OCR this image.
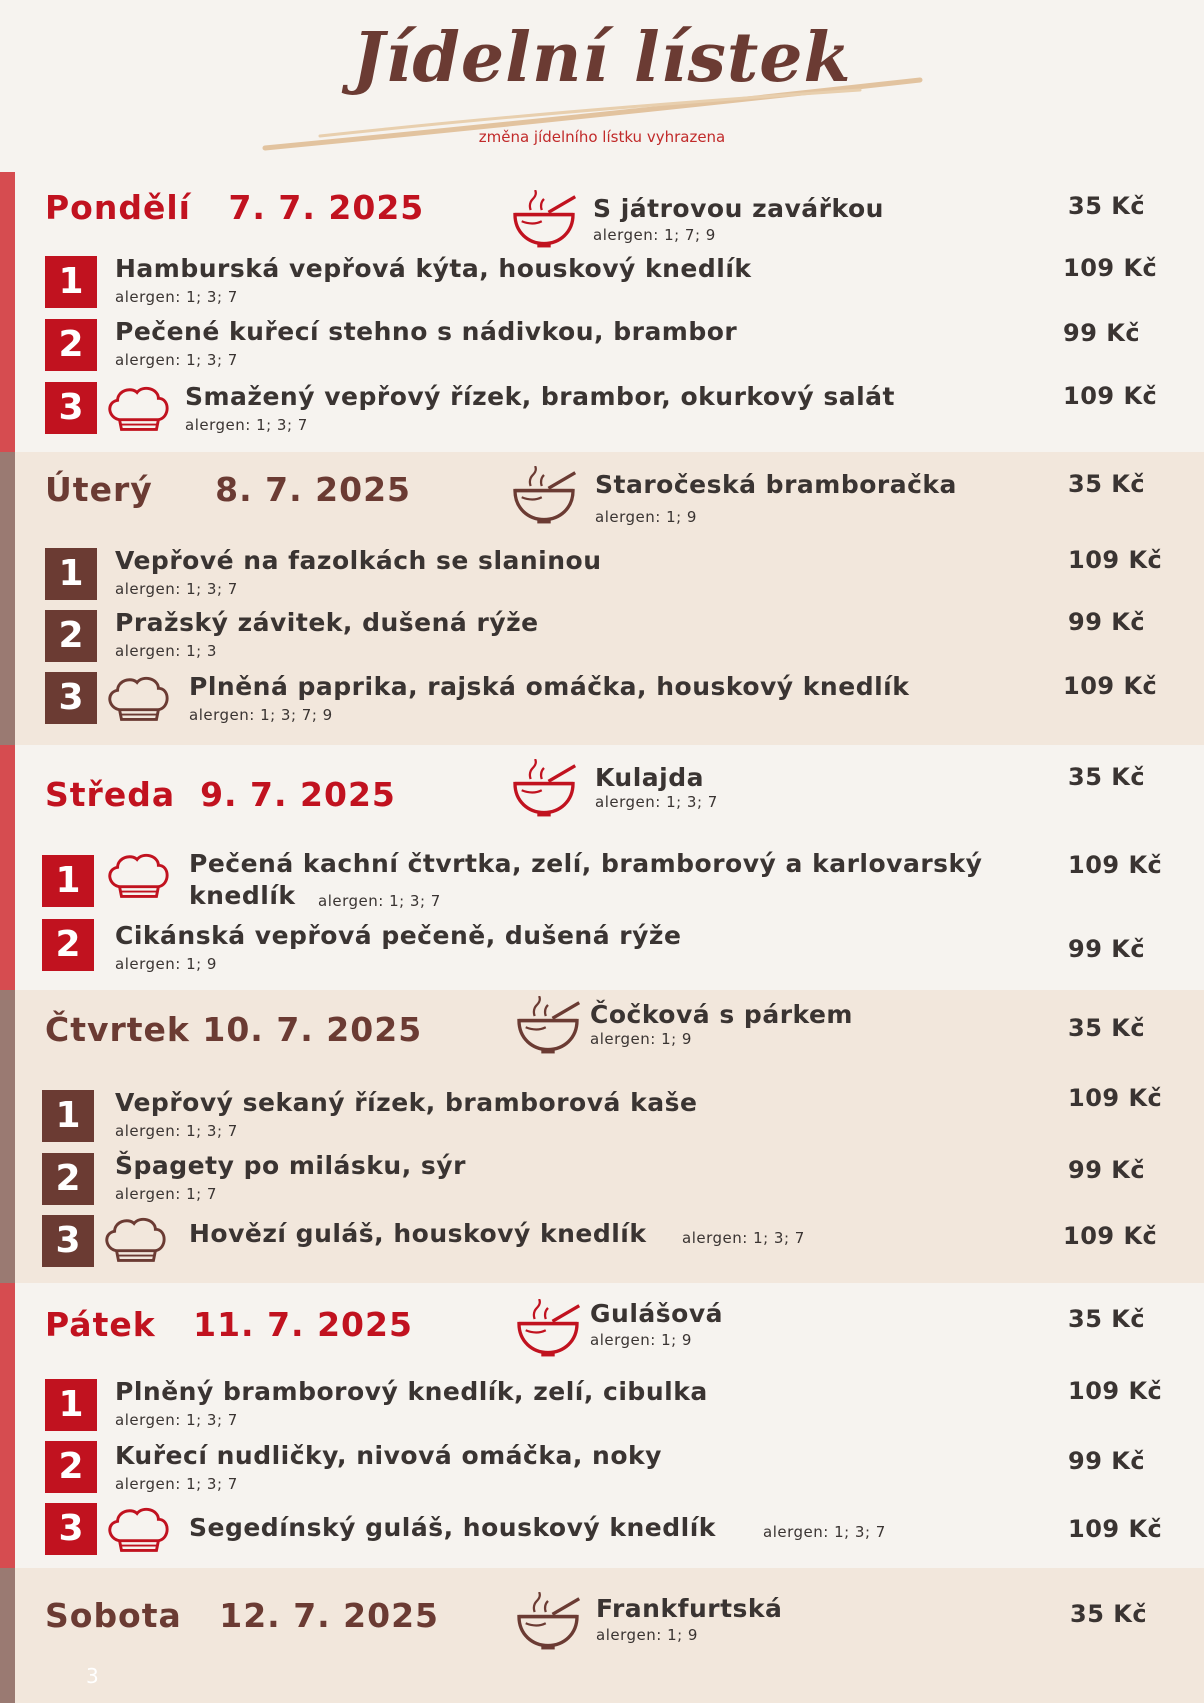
Jídelní lístek
změna jídelního lístku vyhrazena
Pondělí   7. 7. 2025	S játrovou zavářkou
alergen: 1; 7; 9
35 Kč
1	Hamburská vepřová kýta, houskový knedlík
alergen: 1; 3; 7
109 Kč
2	Pečené kuřecí stehno s nádivkou, brambor
alergen: 1; 3; 7
99 Kč
3	Smažený vepřový řízek, brambor, okurkový salát
alergen: 1; 3; 7
109 Kč
Úterý     8. 7. 2025	Staročeská bramboračka
alergen: 1; 9
35 Kč
1	Vepřové na fazolkách se slaninou
alergen: 1; 3; 7
109 Kč
2	Pražský závitek, dušená rýže
alergen: 1; 3
99 Kč
3	Plněná paprika, rajská omáčka, houskový knedlík
alergen: 1; 3; 7; 9
109 Kč
Středa  9. 7. 2025	Kulajda
alergen: 1; 3; 7
35 Kč
1	Pečená kachní čtvrtka, zelí, bramborový a karlovarský
knedlík alergen: 1; 3; 7
109 Kč
2	Cikánská vepřová pečeně, dušená rýže
alergen: 1; 9
99 Kč
Čtvrtek 10. 7. 2025	Čočková s párkem
alergen: 1; 9	35 Kč
1	Vepřový sekaný řízek, bramborová kaše
alergen: 1; 3; 7
109 Kč
2	Špagety po milásku, sýr
alergen: 1; 7
99 Kč
3	Hovězí guláš, houskový knedlík alergen: 1; 3; 7	109 Kč
Pátek   11. 7. 2025	Gulášová
alergen: 1; 9
35 Kč
1	Plněný bramborový knedlík, zelí, cibulka
alergen: 1; 3; 7
109 Kč
2	Kuřecí nudličky, nivová omáčka, noky
alergen: 1; 3; 7
99 Kč
3	Segedínský guláš, houskový knedlík	alergen: 1; 3; 7	109 Kč
Sobota   12. 7. 2025	Frankfurtská
alergen: 1; 9
35 Kč
3
